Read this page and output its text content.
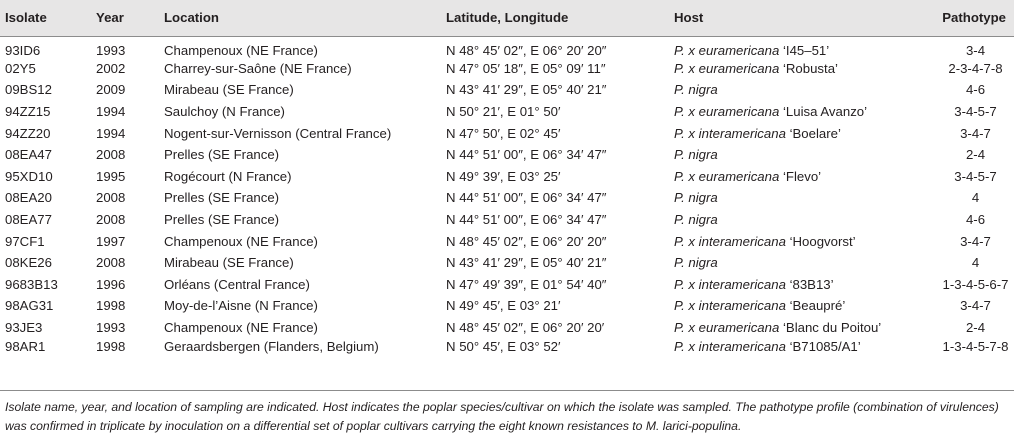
Isolate	Year	Location	Latitude, Longitude	Host	Pathotype
93ID6	1993	Champenoux (NE France)	N 48° 45′ 02″, E 06° 20′ 20″	P. x euramericana ‘I45–51’	3-4
02Y5	2002	Charrey-sur-Saône (NE France)	N 47° 05′ 18″, E 05° 09′ 11″	P. x euramericana ‘Robusta’	2-3-4-7-8
09BS12	2009	Mirabeau (SE France)	N 43° 41′ 29″, E 05° 40′ 21″	P. nigra	4-6
94ZZ15	1994	Saulchoy (N France)	N 50° 21′, E 01° 50′	P. x euramericana ‘Luisa Avanzo’	3-4-5-7
94ZZ20	1994	Nogent-sur-Vernisson (Central France)	N 47° 50′, E 02° 45′	P. x interamericana ‘Boelare’	3-4-7
08EA47	2008	Prelles (SE France)	N 44° 51′ 00″, E 06° 34′ 47″	P. nigra	2-4
95XD10	1995	Rogécourt (N France)	N 49° 39′, E 03° 25′	P. x euramericana ‘Flevo’	3-4-5-7
08EA20	2008	Prelles (SE France)	N 44° 51′ 00″, E 06° 34′ 47″	P. nigra	4
08EA77	2008	Prelles (SE France)	N 44° 51′ 00″, E 06° 34′ 47″	P. nigra	4-6
97CF1	1997	Champenoux (NE France)	N 48° 45′ 02″, E 06° 20′ 20″	P. x interamericana ‘Hoogvorst’	3-4-7
08KE26	2008	Mirabeau (SE France)	N 43° 41′ 29″, E 05° 40′ 21″	P. nigra	4
9683B13	1996	Orléans (Central France)	N 47° 49′ 39″, E 01° 54′ 40″	P. x interamericana ‘83B13’	1-3-4-5-6-7
98AG31	1998	Moy-de-l’Aisne (N France)	N 49° 45′, E 03° 21′	P. x interamericana ‘Beaupré’	3-4-7
93JE3	1993	Champenoux (NE France)	N 48° 45′ 02″, E 06° 20′ 20′	P. x euramericana ‘Blanc du Poitou’	2-4
98AR1	1998	Geraardsbergen (Flanders, Belgium)	N 50° 45′, E 03° 52′	P. x interamericana ‘B71085/A1’	1-3-4-5-7-8
Isolate name, year, and location of sampling are indicated. Host indicates the poplar species/cultivar on which the isolate was sampled. The pathotype profile (combination of virulences) was confirmed in triplicate by inoculation on a differential set of poplar cultivars carrying the eight known resistances to M. larici-populina.
